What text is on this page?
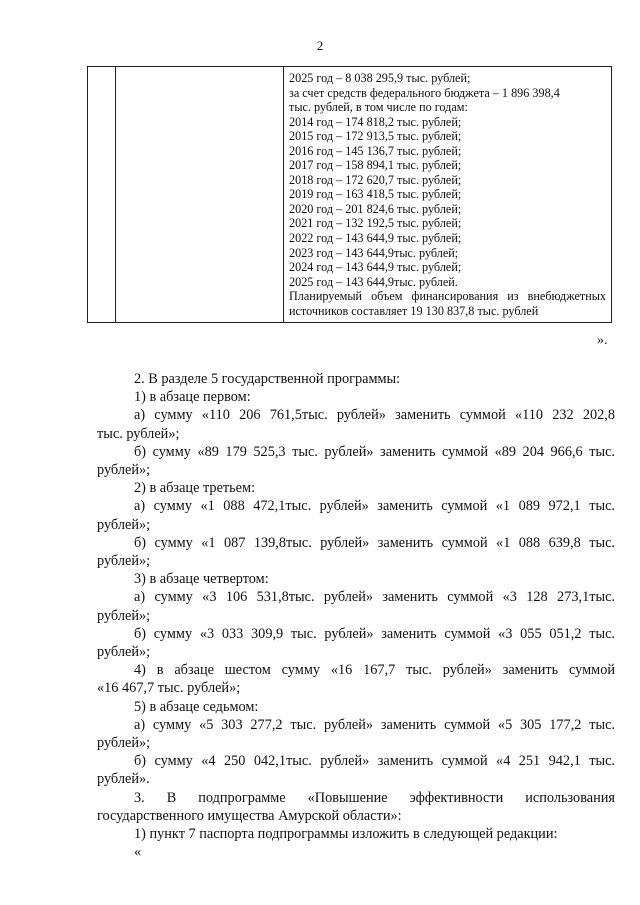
2

2025 год – 8 038 295,9 тыс. рублей;
за счет средств федерального бюджета – 1 896 398,4
тыс. рублей, в том числе по годам:
2014 год – 174 818,2 тыс. рублей;
2015 год – 172 913,5 тыс. рублей;
2016 год – 145 136,7 тыс. рублей;
2017 год – 158 894,1 тыс. рублей;
2018 год – 172 620,7 тыс. рублей;
2019 год – 163 418,5 тыс. рублей;
2020 год – 201 824,6 тыс. рублей;
2021 год – 132 192,5 тыс. рублей;
2022 год – 143 644,9 тыс. рублей;
2023 год – 143 644,9тыс. рублей;
2024 год – 143 644,9 тыс. рублей;
2025 год – 143 644,9тыс. рублей.
Планируемый объем финансирования из внебюджетных
источников составляет 19 130 837,8 тыс. рублей
».
2. В разделе 5 государственной программы:
1) в абзаце первом:
а) сумму «110 206 761,5тыс. рублей» заменить суммой «110 232 202,8
тыс. рублей»;
б) сумму «89 179 525,3 тыс. рублей» заменить суммой «89 204 966,6 тыс.
рублей»;
2) в абзаце третьем:
а) сумму «1 088 472,1тыс. рублей» заменить суммой «1 089 972,1 тыс.
рублей»;
б) сумму «1 087 139,8тыс. рублей» заменить суммой «1 088 639,8 тыс.
рублей»;
3) в абзаце четвертом:
а) сумму «3 106 531,8тыс. рублей» заменить суммой «3 128 273,1тыс.
рублей»;
б) сумму «3 033 309,9 тыс. рублей» заменить суммой «3 055 051,2 тыс.
рублей»;
4) в абзаце шестом сумму «16 167,7 тыс. рублей» заменить суммой
«16 467,7 тыс. рублей»;
5) в абзаце седьмом:
а) сумму «5 303 277,2 тыс. рублей» заменить суммой «5 305 177,2 тыс.
рублей»;
б) сумму «4 250 042,1тыс. рублей» заменить суммой «4 251 942,1 тыс.
рублей».
3. В подпрограмме «Повышение эффективности использования
государственного имущества Амурской области»:
1) пункт 7 паспорта подпрограммы изложить в следующей редакции:
«
